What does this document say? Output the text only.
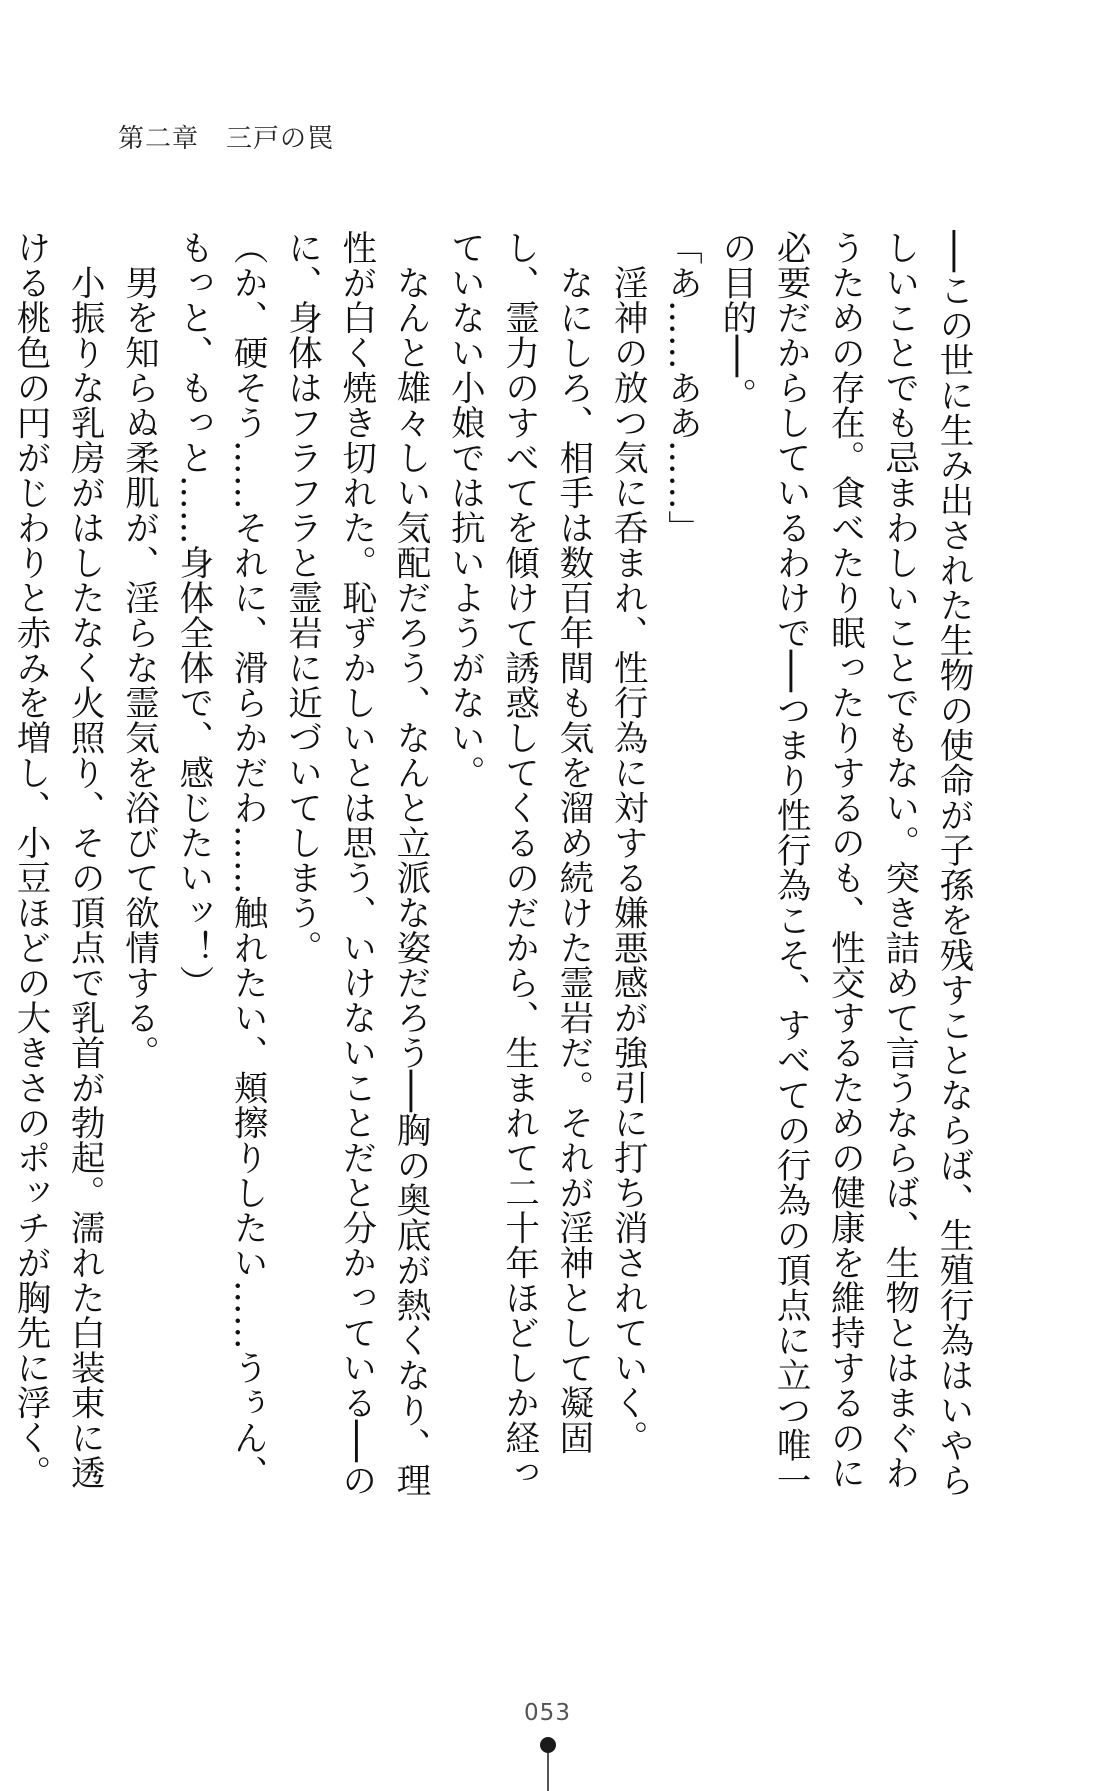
第二章　三戸の罠

──この世に生み出された生物の使命が子孫を残すことならば、生殖行為はいやらしいことでも忌まわしいことでもない。突き詰めて言うならば、生物とはまぐわうための存在。食べたり眠ったりするのも、性交するための健康を維持するのに必要だからしているわけで──つまり性行為こそ、すべての行為の頂点に立つ唯一の目的──。

「あ……ああ……」

　淫神の放つ気に呑まれ、性行為に対する嫌悪感が強引に打ち消されていく。

　なにしろ、相手は数百年間も気を溜め続けた霊岩だ。それが淫神として凝固し、霊力のすべてを傾けて誘惑してくるのだから、生まれて二十年ほどしか経っていない小娘では抗いようがない。

　なんと雄々しい気配だろう、なんと立派な姿だろう──胸の奥底が熱くなり、理性が白く焼き切れた。恥ずかしいとは思う、いけないことだと分かっている──のに、身体はフラフラと霊岩に近づいてしまう。

（か、硬そう……それに、滑らかだわ……触れたい、頬擦りしたい……うぅん、もっと、もっと……身体全体で、感じたいッ！）

　男を知らぬ柔肌が、淫らな霊気を浴びて欲情する。

　小振りな乳房がはしたなく火照り、その頂点で乳首が勃起。濡れた白装束に透ける桃色の円がじわりと赤みを増し、小豆ほどの大きさのポッチが胸先に浮く。

053
